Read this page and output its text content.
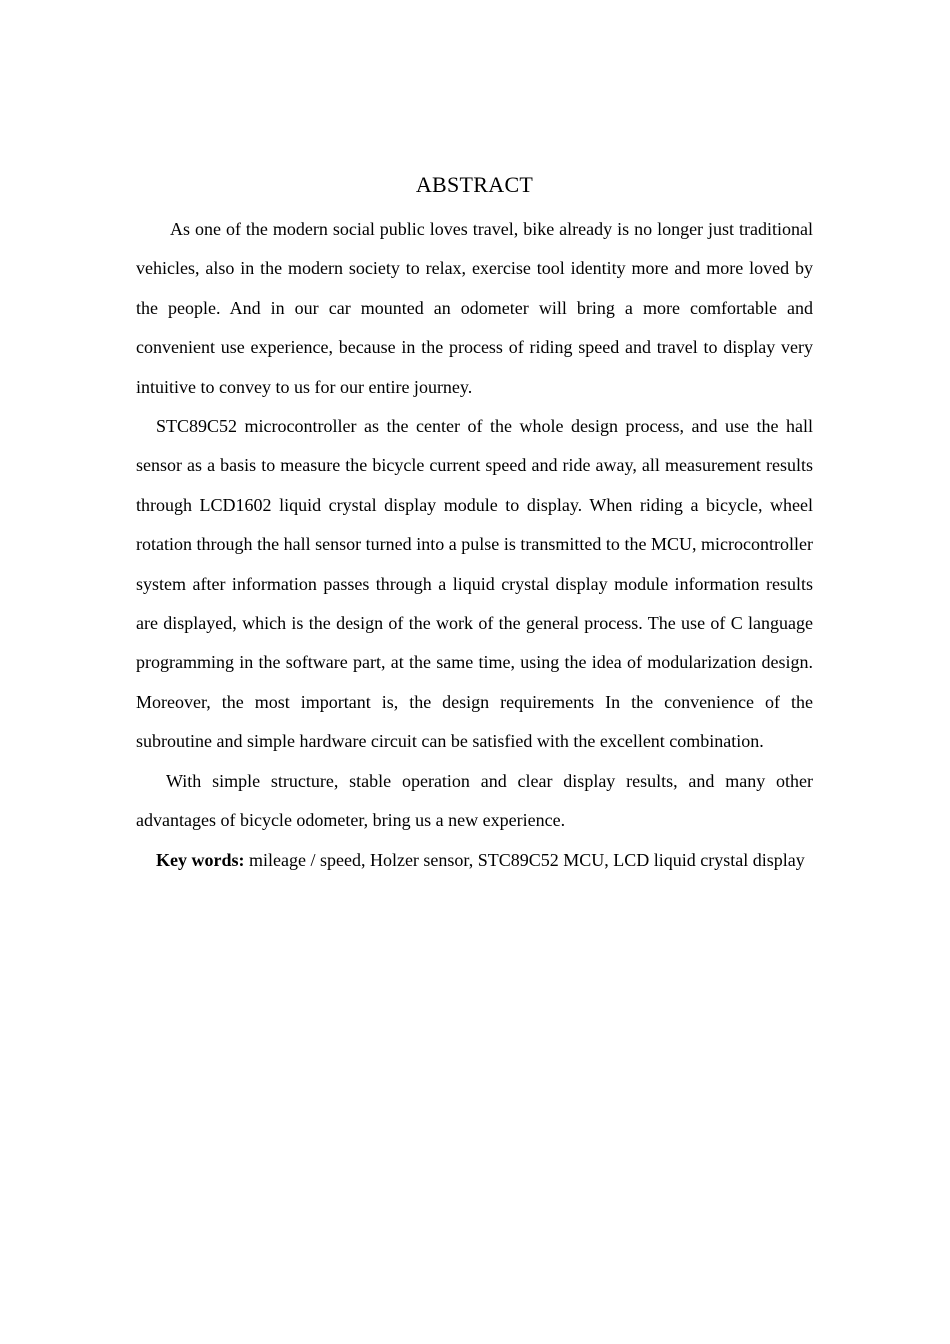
ABSTRACT

As one of the modern social public loves travel, bike already is no longer just traditional vehicles, also in the modern society to relax, exercise tool identity more and more loved by the people. And in our car mounted an odometer will bring a more comfortable and convenient use experience, because in the process of riding speed and travel to display very intuitive to convey to us for our entire journey.

STC89C52 microcontroller as the center of the whole design process, and use the hall sensor as a basis to measure the bicycle current speed and ride away, all measurement results through LCD1602 liquid crystal display module to display. When riding a bicycle, wheel rotation through the hall sensor turned into a pulse is transmitted to the MCU, microcontroller system after information passes through a liquid crystal display module information results are displayed, which is the design of the work of the general process. The use of C language programming in the software part, at the same time, using the idea of modularization design. Moreover, the most important is, the design requirements In the convenience of the subroutine and simple hardware circuit can be satisfied with the excellent combination.

With simple structure, stable operation and clear display results, and many other advantages of bicycle odometer, bring us a new experience.

Key words: mileage / speed, Holzer sensor, STC89C52 MCU, LCD liquid crystal display
